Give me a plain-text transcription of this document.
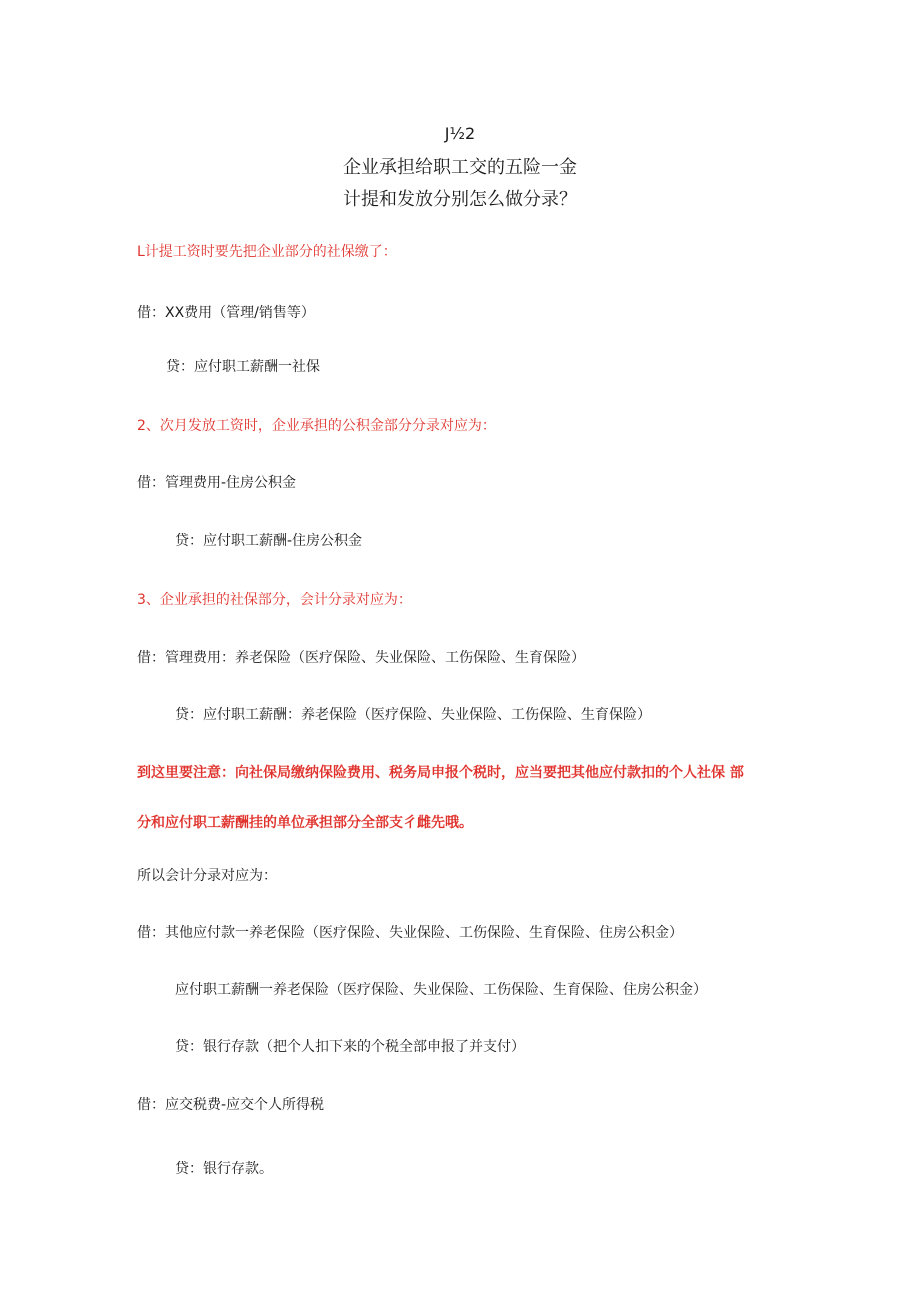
J½2
企业承担给职工交的五险一金
计提和发放分别怎么做分录？
L计提工资时要先把企业部分的社保缴了：
借：XX费用（管理/销售等）
贷：应付职工薪酬一社保
2、次月发放工资时，企业承担的公积金部分分录对应为：
借：管理费用-住房公积金
贷：应付职工薪酬-住房公积金
3、企业承担的社保部分，会计分录对应为：
借：管理费用：养老保险（医疗保险、失业保险、工伤保险、生育保险）
贷：应付职工薪酬：养老保险（医疗保险、失业保险、工伤保险、生育保险）
到这里要注意：向社保局缴纳保险费用、税务局申报个税时，应当要把其他应付款扣的个人社保 部
分和应付职工薪酬挂的单位承担部分全部支彳雌先哦。
所以会计分录对应为：
借：其他应付款一养老保险（医疗保险、失业保险、工伤保险、生育保险、住房公积金）
应付职工薪酬一养老保险（医疗保险、失业保险、工伤保险、生育保险、住房公积金）
贷：银行存款（把个人扣下来的个税全部申报了并支付）
借：应交税费-应交个人所得税
贷：银行存款。
